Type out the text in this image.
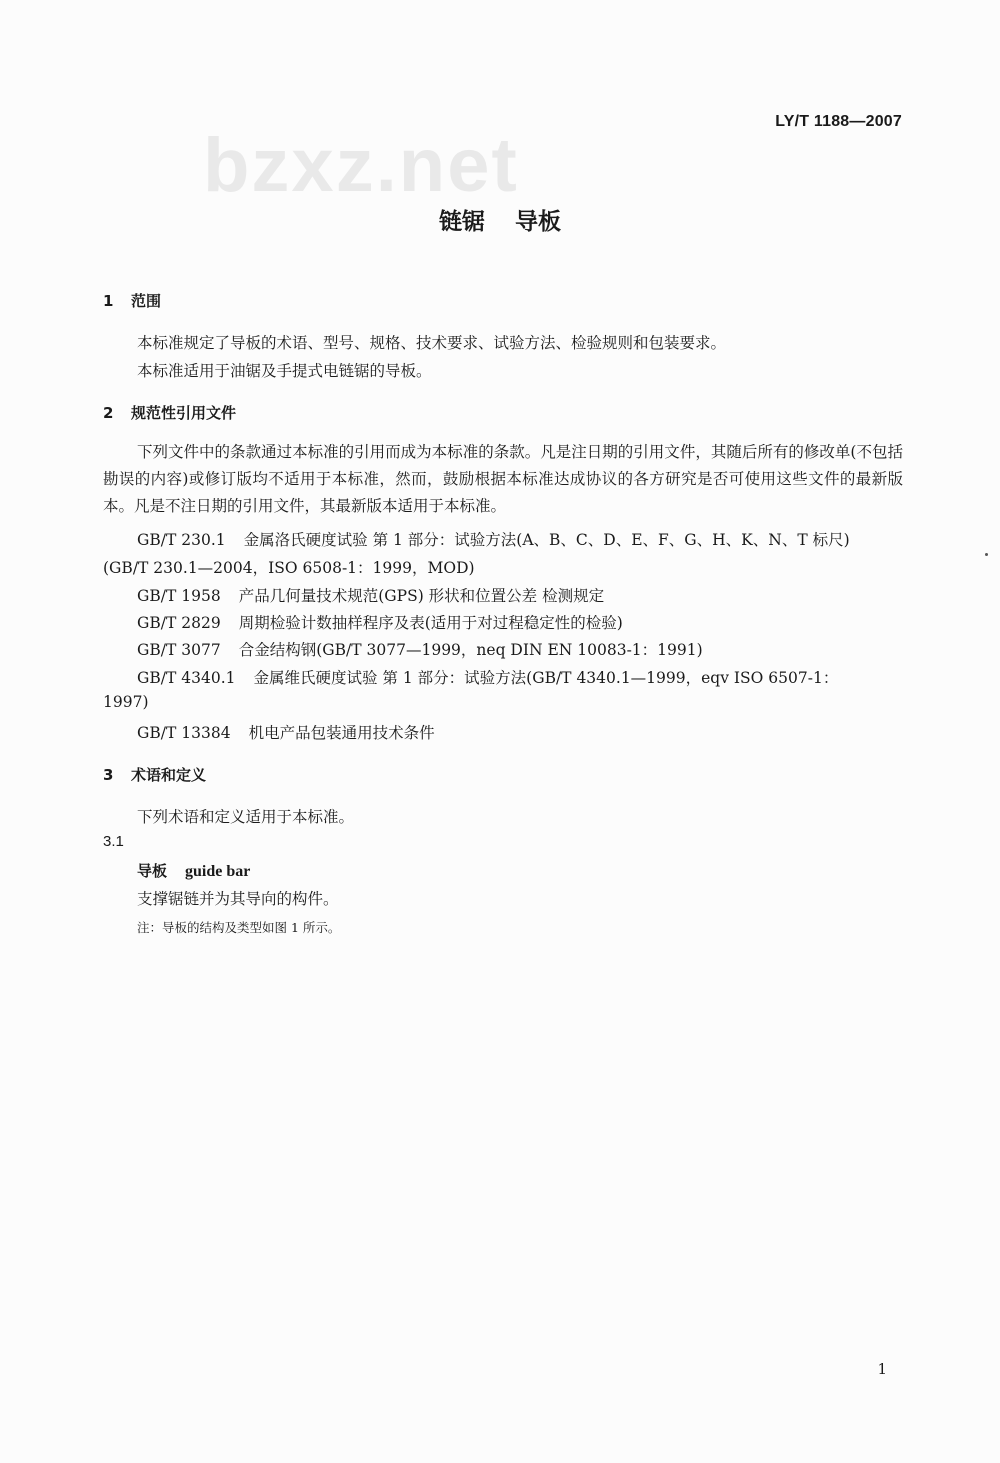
LY/T 1188—2007
bzxz.net
链锯 导板
1 范围
本标准规定了导板的术语、型号、规格、技术要求、试验方法、检验规则和包装要求。
本标准适用于油锯及手提式电链锯的导板。
2 规范性引用文件
下列文件中的条款通过本标准的引用而成为本标准的条款。凡是注日期的引用文件，其随后所有的修改单(不包括勘误的内容)或修订版均不适用于本标准，然而，鼓励根据本标准达成协议的各方研究是否可使用这些文件的最新版本。凡是不注日期的引用文件，其最新版本适用于本标准。
GB/T 230.1 金属洛氏硬度试验 第 1 部分：试验方法(A、B、C、D、E、F、G、H、K、N、T 标尺)
(GB/T 230.1—2004，ISO 6508-1：1999，MOD)
GB/T 1958 产品几何量技术规范(GPS) 形状和位置公差 检测规定
GB/T 2829 周期检验计数抽样程序及表(适用于对过程稳定性的检验)
GB/T 3077 合金结构钢(GB/T 3077—1999，neq DIN EN 10083-1：1991)
GB/T 4340.1 金属维氏硬度试验 第 1 部分：试验方法(GB/T 4340.1—1999，eqv ISO 6507-1：
1997)
GB/T 13384 机电产品包装通用技术条件
3 术语和定义
下列术语和定义适用于本标准。
3.1
导板 guide bar
支撑锯链并为其导向的构件。
注：导板的结构及类型如图 1 所示。
1
